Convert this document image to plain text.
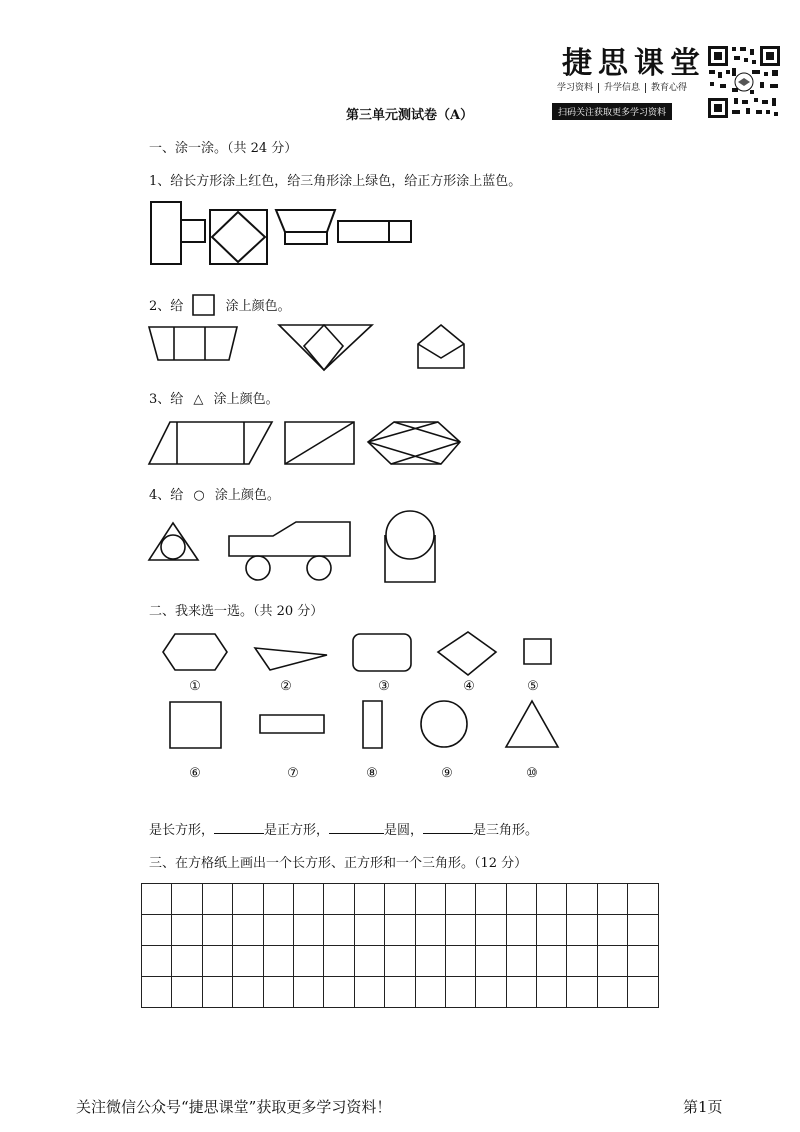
捷思课堂
学习资料 升学信息 教育心得
扫码关注获取更多学习资料
第三单元测试卷（A）
一、涂一涂。（共 24 分）
1、给长方形涂上红色，给三角形涂上绿色，给正方形涂上蓝色。
2、给	涂上颜色。
3、给 △ 涂上颜色。
4、给 ○ 涂上颜色。
二、我来选一选。（共 20 分）
①	②	③	④	⑤
⑥	⑦	⑧	⑨	⑩
是长方形，	是正方形，	是圆，	是三角形。
三、在方格纸上画出一个长方形、正方形和一个三角形。（12 分）

关注微信公众号“捷思课堂”获取更多学习资料！	第1页
